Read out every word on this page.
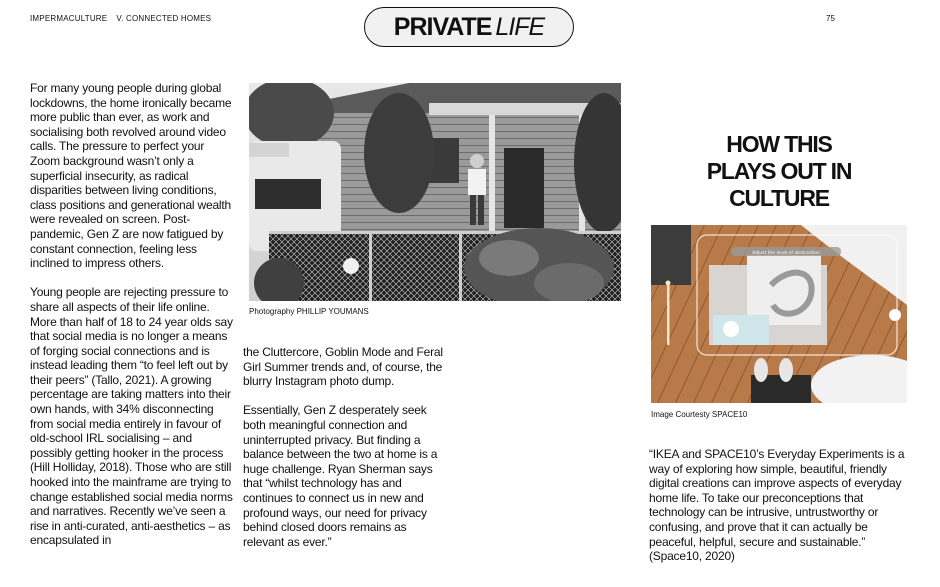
IMPERMACULTURE V. CONNECTED HOMES	PRIVATE LIFE	75

For many young people during global lockdowns, the home ironically became more public than ever, as work and socialising both revolved around video calls. The pressure to perfect your Zoom background wasn’t only a superficial insecurity, as radical disparities between living conditions, class positions and generational wealth were revealed on screen. Post-pandemic, Gen Z are now fatigued by constant connection, feeling less inclined to impress others.

Young people are rejecting pressure to share all aspects of their life online. More than half of 18 to 24 year olds say that social media is no longer a means of forging social connections and is instead leading them “to feel left out by their peers” (Tallo, 2021). A growing percentage are taking matters into their own hands, with 34% disconnecting from social media entirely in favour of old-school IRL socialising – and possibly getting hooker in the process (Hill Holliday, 2018). Those who are still hooked into the mainframe are trying to change established social media norms and narratives. Recently we’ve seen a rise in anti-curated, anti-aesthetics – as encapsulated in

Photography PHILLIP YOUMANS

the Cluttercore, Goblin Mode and Feral Girl Summer trends and, of course, the blurry Instagram photo dump.

Essentially, Gen Z desperately seek both meaningful connection and uninterrupted privacy. But finding a balance between the two at home is a huge challenge. Ryan Sherman says that “whilst technology has and continues to connect us in new and profound ways, our need for privacy behind closed doors remains as relevant as ever.”

HOW THIS
PLAYS OUT IN
CULTURE
Adjust the level of abstraction
Image Courtesty SPACE10
“IKEA and SPACE10’s Everyday Experiments is a way of exploring how simple, beautiful, friendly digital creations can improve aspects of everyday home life. To take our preconceptions that technology can be intrusive, untrustworthy or confusing, and prove that it can actually be peaceful, helpful, secure and sustainable.” (Space10, 2020)
